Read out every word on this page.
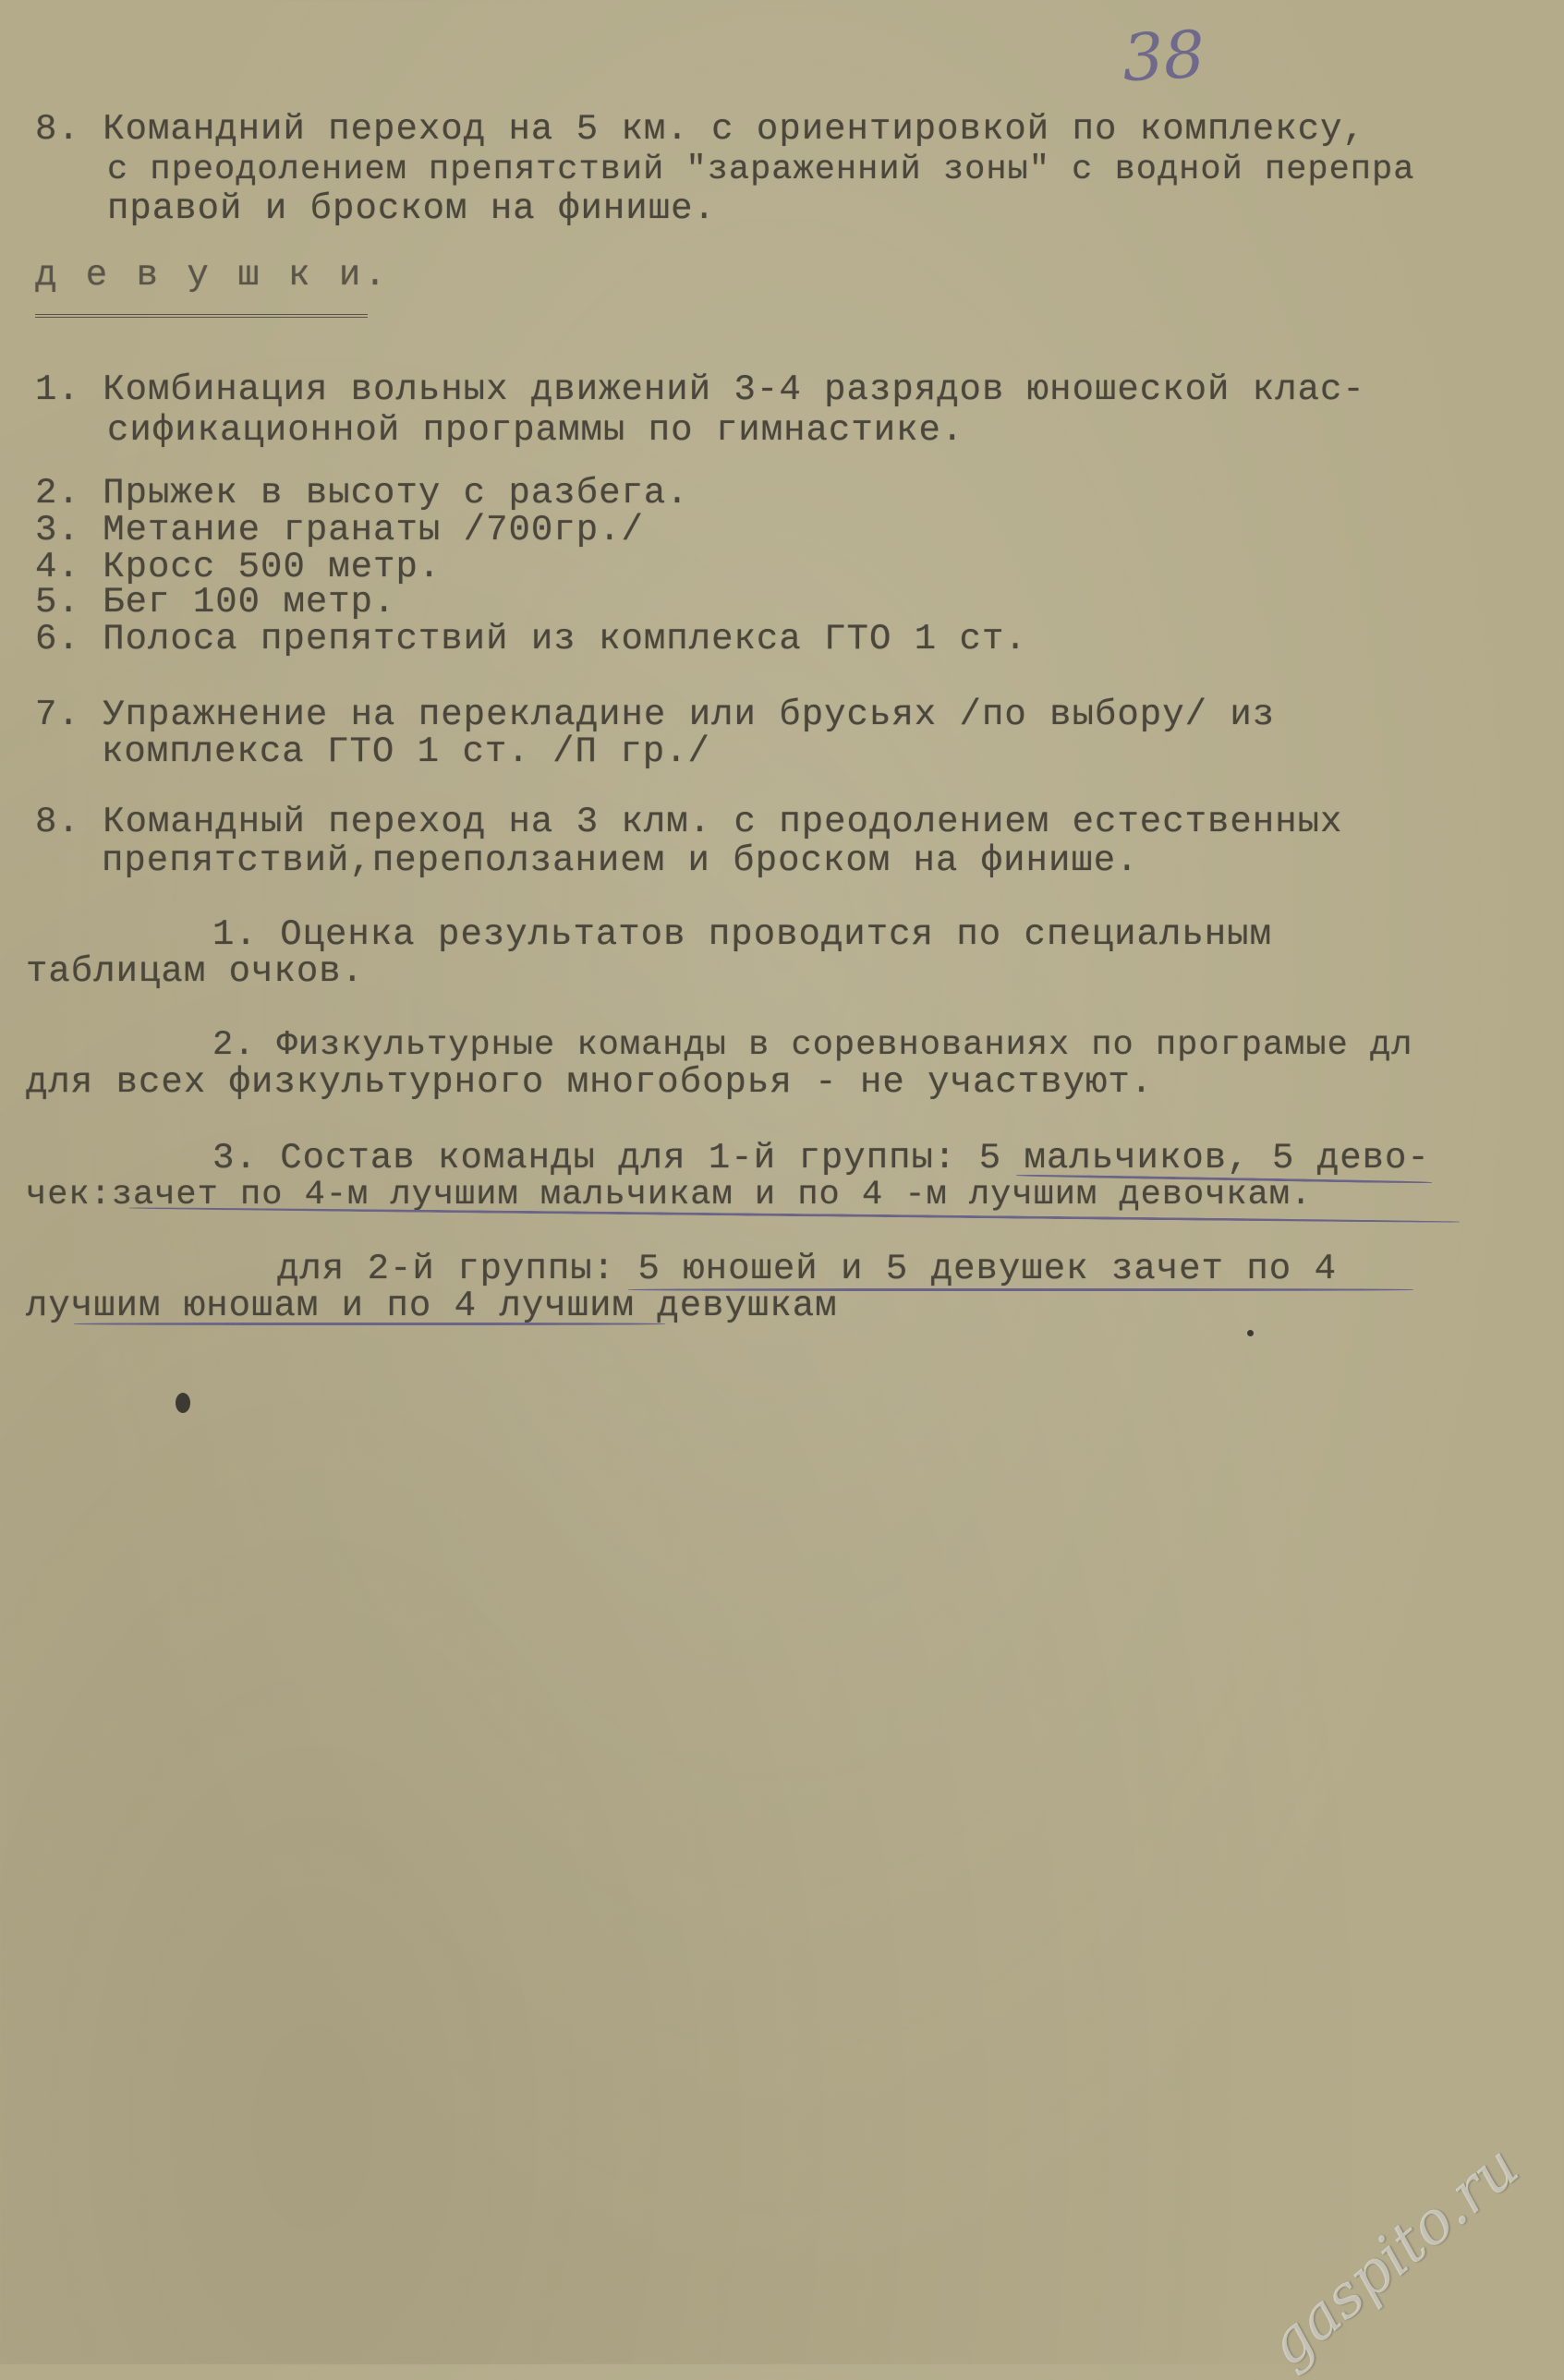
38
8. Командний переход на 5 км. с ориентировкой по комплексу,
с преодолением препятствий "зараженний зоны" с водной перепра
правой и броском на финише.
д е в у ш к и.
1. Комбинация вольных движений 3-4 разрядов юношеской клас-
сификационной программы по гимнастике.
2. Прыжек в высоту с разбега.
3. Метание гранаты /700гр./
4. Кросс 500 метр.
5. Бег 100 метр.
6. Полоса препятствий из комплекса ГТО 1 ст.
7. Упражнение на перекладине или брусьях /по выбору/ из
комплекса ГТО 1 ст. /П гр./
8. Командный переход на 3 клм. с преодолением естественных
препятствий,переползанием и броском на финише.
1. Оценка результатов проводится по специальным
таблицам очков.
2. Физкультурные команды в соревнованиях по програмые дл
для всех физкультурного многоборья - не участвуют.
3. Состав команды для 1-й группы: 5 мальчиков, 5 дево-
чек:зачет по 4-м лучшим мальчикам и по 4 -м лучшим девочкам.
для 2-й группы: 5 юношей и 5 девушек зачет по 4
лучшим юношам и по 4 лучшим девушкам
gaspito.ru
